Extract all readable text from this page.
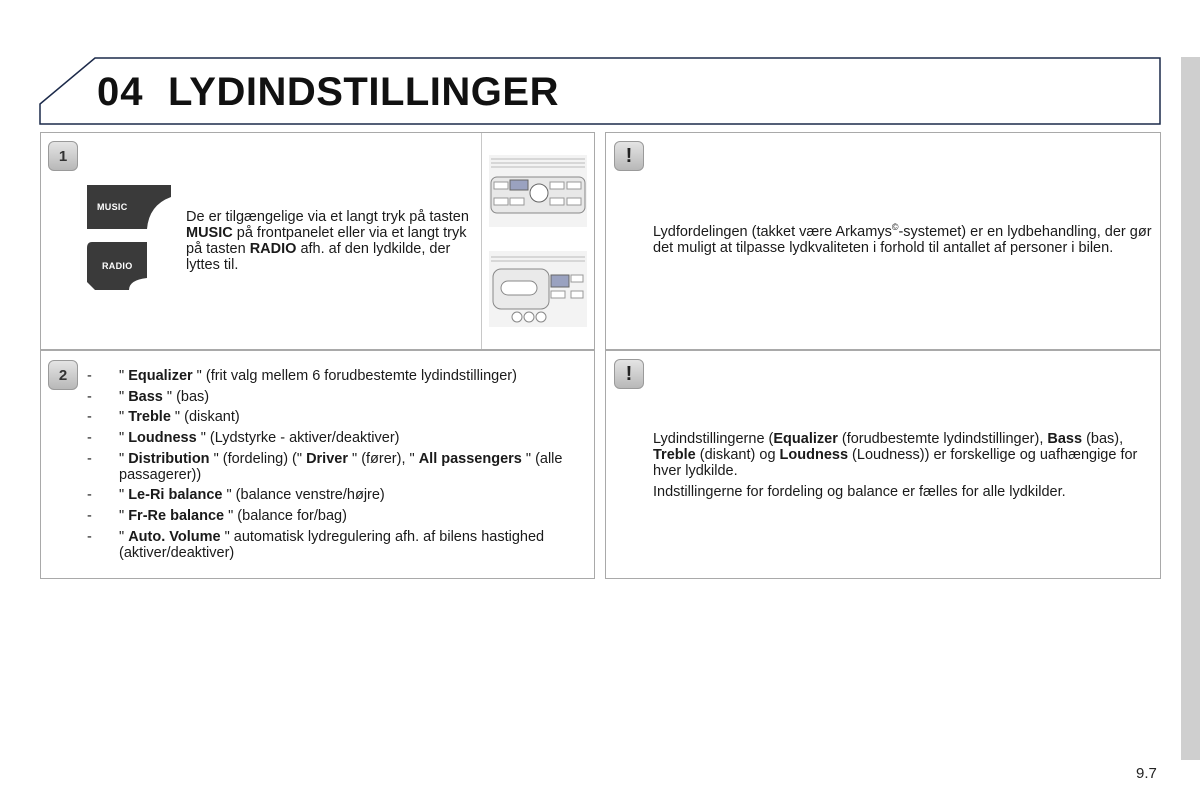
04 LYDINDSTILLINGER
1
MUSIC
RADIO
De er tilgængelige via et langt tryk på tasten MUSIC på frontpanelet eller via et langt tryk på tasten RADIO afh. af den lydkilde, der lyttes til.
2	- " Equalizer " (frit valg mellem 6 forudbestemte lydindstillinger)
- " Bass " (bas)
- " Treble " (diskant)
- " Loudness " (Lydstyrke - aktiver/deaktiver)
- " Distribution " (fordeling) (" Driver " (fører), " All passengers " (alle passagerer))
- " Le-Ri balance " (balance venstre/højre)
- " Fr-Re balance " (balance for/bag)
- " Auto. Volume " automatisk lydregulering afh. af bilens hastighed (aktiver/deaktiver)
!
Lydfordelingen (takket være Arkamys©-systemet) er en lydbehandling, der gør det muligt at tilpasse lydkvaliteten i forhold til antallet af personer i bilen.
!
Lydindstillingerne (Equalizer (forudbestemte lydindstillinger), Bass (bas), Treble (diskant) og Loudness (Loudness)) er forskellige og uafhængige for hver lydkilde.
Indstillingerne for fordeling og balance er fælles for alle lydkilder.
9.7
